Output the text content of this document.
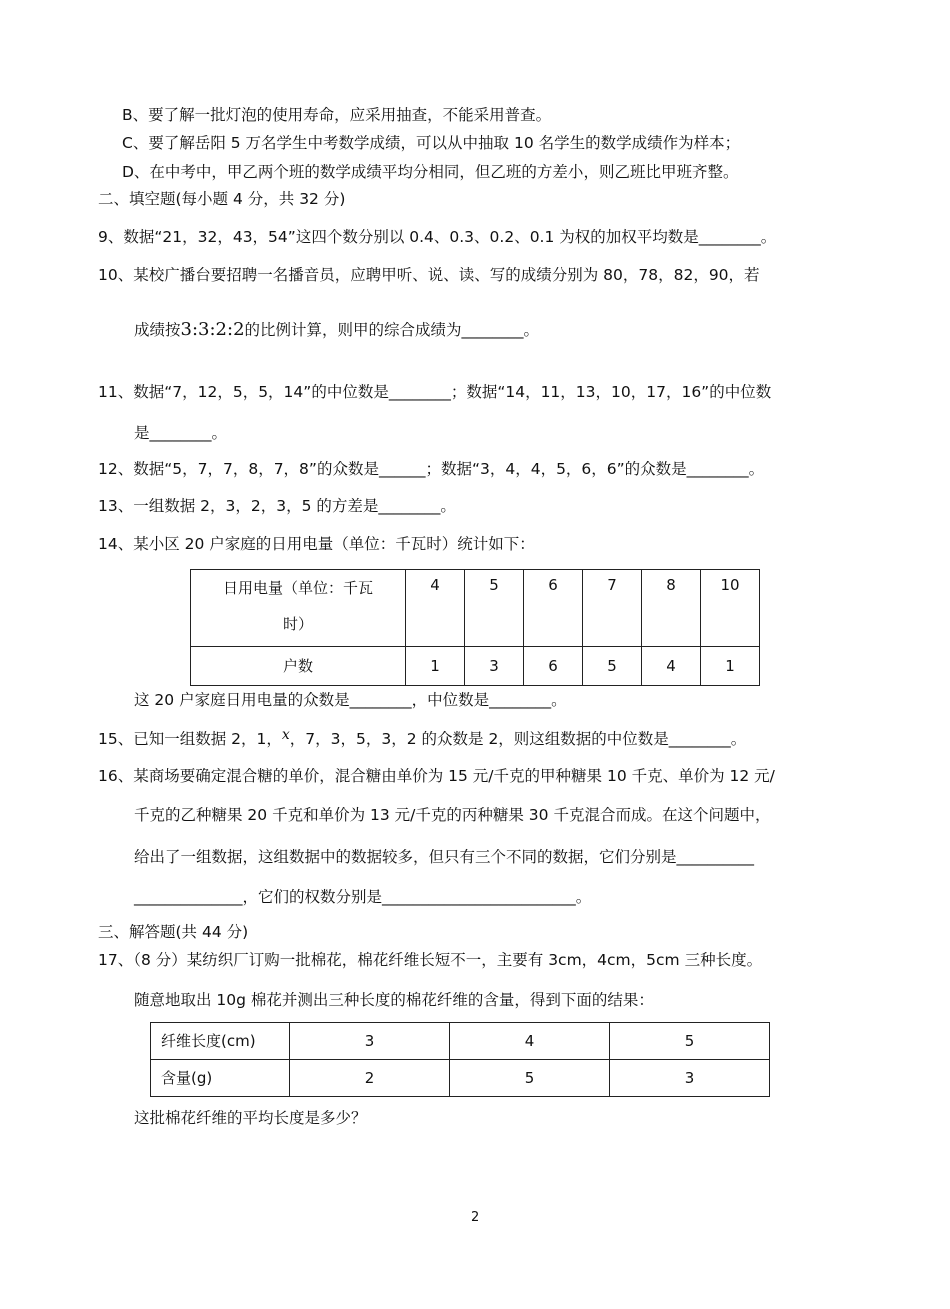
B、要了解一批灯泡的使用寿命，应采用抽查，不能采用普查。
C、要了解岳阳 5 万名学生中考数学成绩，可以从中抽取 10 名学生的数学成绩作为样本；
D、在中考中，甲乙两个班的数学成绩平均分相同，但乙班的方差小，则乙班比甲班齐整。
二、填空题(每小题 4 分，共 32 分)
9、数据“21，32，43，54”这四个数分别以 0.4、0.3、0.2、0.1 为权的加权平均数是________。
10、某校广播台要招聘一名播音员，应聘甲听、说、读、写的成绩分别为 80，78，82，90，若
成绩按3:3:2:2的比例计算，则甲的综合成绩为________。
11、数据“7，12，5，5，14”的中位数是________；数据“14，11，13，10，17，16”的中位数
是________。
12、数据“5，7，7，8，7，8”的众数是______；数据“3，4，4，5，6，6”的众数是________。
13、一组数据 2，3，2，3，5 的方差是________。
14、某小区 20 户家庭的日用电量（单位：千瓦时）统计如下：
日用电量（单位：千瓦
时）	4	5	6	7	8	10
户数	1	3	6	5	4	1
这 20 户家庭日用电量的众数是________，中位数是________。
15、已知一组数据 2，1，x，7，3，5，3，2 的众数是 2，则这组数据的中位数是________。
16、某商场要确定混合糖的单价，混合糖由单价为 15 元/千克的甲种糖果 10 千克、单价为 12 元/
千克的乙种糖果 20 千克和单价为 13 元/千克的丙种糖果 30 千克混合而成。在这个问题中，
给出了一组数据，这组数据中的数据较多，但只有三个不同的数据，它们分别是__________
______________，它们的权数分别是_________________________。
三、解答题(共 44 分)
17、（8 分）某纺织厂订购一批棉花，棉花纤维长短不一，主要有 3cm，4cm，5cm 三种长度。
随意地取出 10g 棉花并测出三种长度的棉花纤维的含量，得到下面的结果：
纤维长度(cm)	3	4	5
含量(g)	2	5	3
这批棉花纤维的平均长度是多少？
2
